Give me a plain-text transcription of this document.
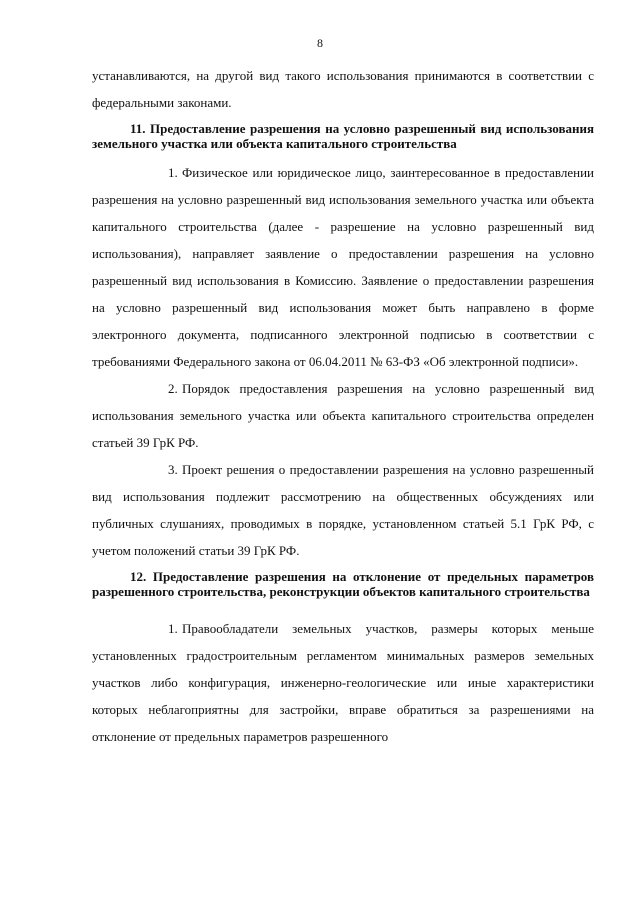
8

устанавливаются, на другой вид такого использования принимаются в соответствии с федеральными законами.

11. Предоставление разрешения на условно разрешенный вид использования земельного участка или объекта капитального строительства

1. Физическое или юридическое лицо, заинтересованное в предоставлении разрешения на условно разрешенный вид использования земельного участка или объекта капитального строительства (далее - разрешение на условно разрешенный вид использования), направляет заявление о предоставлении разрешения на условно разрешенный вид использования в Комиссию. Заявление о предоставлении разрешения на условно разрешенный вид использования может быть направлено в форме электронного документа, подписанного электронной подписью в соответствии с требованиями Федерального закона от 06.04.2011 № 63-ФЗ «Об электронной подписи».

2. Порядок предоставления разрешения на условно разрешенный вид использования земельного участка или объекта капитального строительства определен статьей 39 ГрК РФ.

3. Проект решения о предоставлении разрешения на условно разрешенный вид использования подлежит рассмотрению на общественных обсуждениях или публичных слушаниях, проводимых в порядке, установленном статьей 5.1 ГрК РФ, с учетом положений статьи 39 ГрК РФ.

12. Предоставление разрешения на отклонение от предельных параметров разрешенного строительства, реконструкции объектов капитального строительства

1. Правообладатели земельных участков, размеры которых меньше установленных градостроительным регламентом минимальных размеров земельных участков либо конфигурация, инженерно-геологические или иные характеристики которых неблагоприятны для застройки, вправе обратиться за разрешениями на отклонение от предельных параметров разрешенного
